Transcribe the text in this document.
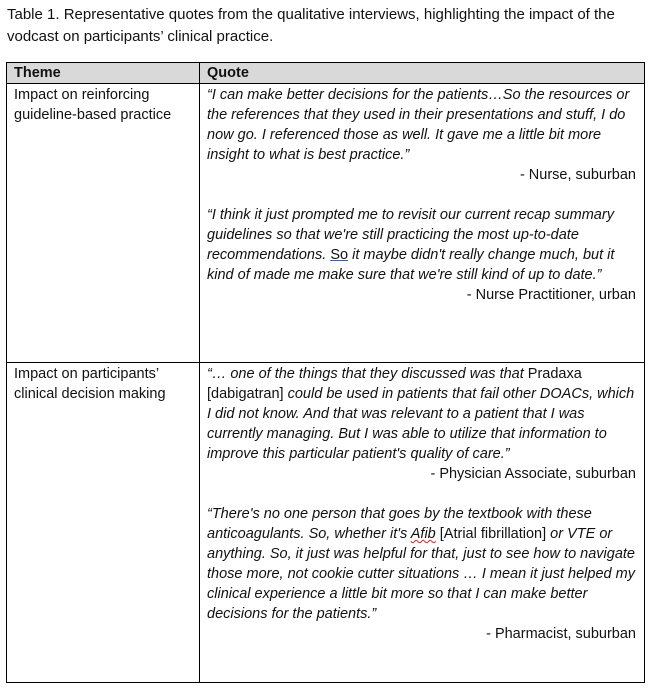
Table 1. Representative quotes from the qualitative interviews, highlighting the impact of the vodcast on participants’ clinical practice.
Theme	Quote

Impact on reinforcing guideline-based practice	“I can make better decisions for the patients…So the resources or the references that they used in their presentations and stuff, I do now go. I referenced those as well. It gave me a little bit more insight to what is best practice.”
- Nurse, suburban
“I think it just prompted me to revisit our current recap summary guidelines so that we're still practicing the most up-to-date recommendations. So it maybe didn't really change much, but it kind of made me make sure that we're still kind of up to date.”
- Nurse Practitioner, urban

Impact on participants’ clinical decision making	“… one of the things that they discussed was that Pradaxa [dabigatran] could be used in patients that fail other DOACs, which I did not know. And that was relevant to a patient that I was currently managing. But I was able to utilize that information to improve this particular patient's quality of care.”
- Physician Associate, suburban
“There's no one person that goes by the textbook with these anticoagulants. So, whether it's Afib [Atrial fibrillation] or VTE or anything. So, it just was helpful for that, just to see how to navigate those more, not cookie cutter situations … I mean it just helped my clinical experience a little bit more so that I can make better decisions for the patients.”
- Pharmacist, suburban
